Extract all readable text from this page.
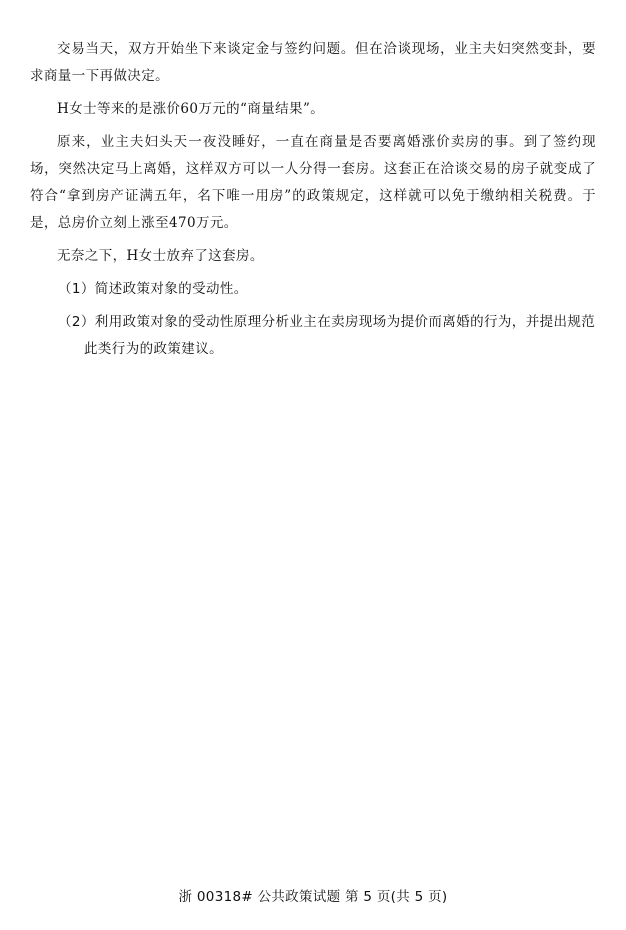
交易当天，双方开始坐下来谈定金与签约问题。但在洽谈现场，业主夫妇突然变卦，要求商量一下再做决定。

H女士等来的是涨价60万元的“商量结果”。

原来，业主夫妇头天一夜没睡好，一直在商量是否要离婚涨价卖房的事。到了签约现场，突然决定马上离婚，这样双方可以一人分得一套房。这套正在洽谈交易的房子就变成了符合“拿到房产证满五年，名下唯一用房”的政策规定，这样就可以免于缴纳相关税费。于是，总房价立刻上涨至470万元。

无奈之下，H女士放弃了这套房。

（1）简述政策对象的受动性。

（2）利用政策对象的受动性原理分析业主在卖房现场为提价而离婚的行为，并提出规范此类行为的政策建议。

浙 00318# 公共政策试题 第 5 页(共 5 页)
